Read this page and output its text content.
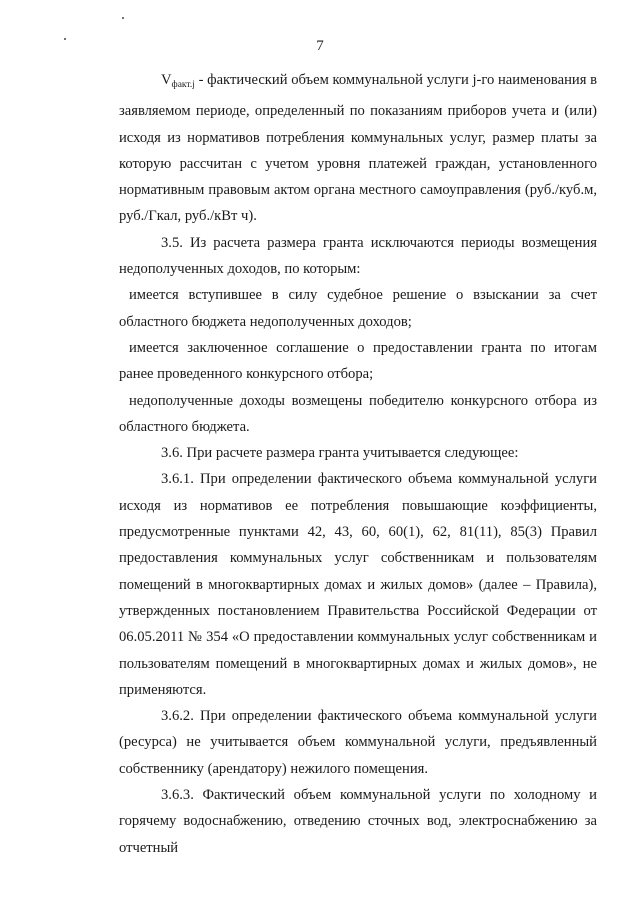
7

$V_{факт.j}$ - фактический объем коммунальной услуги j-го наименования в заявляемом периоде, определенный по показаниям приборов учета и (или) исходя из нормативов потребления коммунальных услуг, размер платы за которую рассчитан с учетом уровня платежей граждан, установленного нормативным правовым актом органа местного самоуправления (руб./куб.м, руб./Гкал, руб./кВт ч).

3.5. Из расчета размера гранта исключаются периоды возмещения недополученных доходов, по которым:

имеется вступившее в силу судебное решение о взыскании за счет областного бюджета недополученных доходов;

имеется заключенное соглашение о предоставлении гранта по итогам ранее проведенного конкурсного отбора;

недополученные доходы возмещены победителю конкурсного отбора из областного бюджета.

3.6. При расчете размера гранта учитывается следующее:

3.6.1. При определении фактического объема коммунальной услуги исходя из нормативов ее потребления повышающие коэффициенты, предусмотренные пунктами 42, 43, 60, 60(1), 62, 81(11), 85(3) Правил предоставления коммунальных услуг собственникам и пользователям помещений в многоквартирных домах и жилых домов» (далее – Правила), утвержденных постановлением Правительства Российской Федерации от 06.05.2011 № 354 «О предоставлении коммунальных услуг собственникам и пользователям помещений в многоквартирных домах и жилых домов», не применяются.

3.6.2. При определении фактического объема коммунальной услуги (ресурса) не учитывается объем коммунальной услуги, предъявленный собственнику (арендатору) нежилого помещения.

3.6.3. Фактический объем коммунальной услуги по холодному и горячему водоснабжению, отведению сточных вод, электроснабжению за отчетный
